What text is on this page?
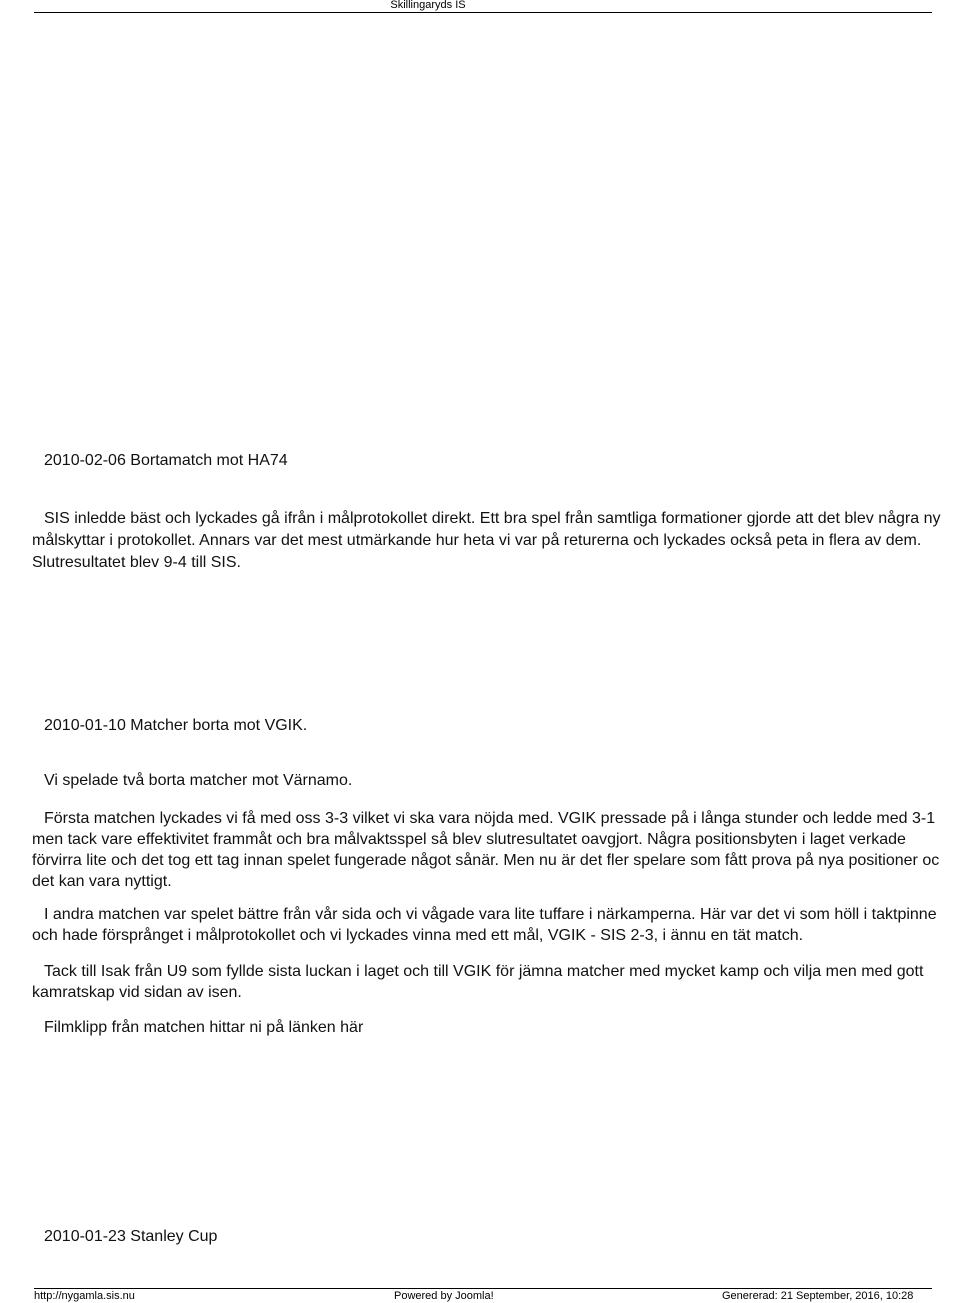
Skillingaryds IS

2010-02-06 Bortamatch mot HA74

SIS inledde bäst och lyckades gå ifrån i målprotokollet direkt. Ett bra spel från samtliga formationer gjorde att det blev några ny

målskyttar i protokollet. Annars var det mest utmärkande hur heta vi var på returerna och lyckades också peta in flera av dem.

Slutresultatet blev 9-4 till SIS.

2010-01-10 Matcher borta mot VGIK.

Vi spelade två borta matcher mot Värnamo.

Första matchen lyckades vi få med oss 3-3 vilket vi ska vara nöjda med. VGIK pressade på i långa stunder och ledde med 3-1

men tack vare effektivitet frammåt och bra målvaktsspel så blev slutresultatet oavgjort. Några positionsbyten i laget verkade

förvirra lite och det tog ett tag innan spelet fungerade något sånär. Men nu är det fler spelare som fått prova på nya positioner oc

det kan vara nyttigt.

I andra matchen var spelet bättre från vår sida och vi vågade vara lite tuffare i närkamperna. Här var det vi som höll i taktpinne

och hade försprånget i målprotokollet och vi lyckades vinna med ett mål, VGIK - SIS 2-3, i ännu en tät match.

Tack till Isak från U9 som fyllde sista luckan i laget och till VGIK för jämna matcher med mycket kamp och vilja men med gott

kamratskap vid sidan av isen.

Filmklipp från matchen hittar ni på länken här

2010-01-23 Stanley Cup

http://nygamla.sis.nu	Powered by Joomla!	Genererad: 21 September, 2016, 10:28
